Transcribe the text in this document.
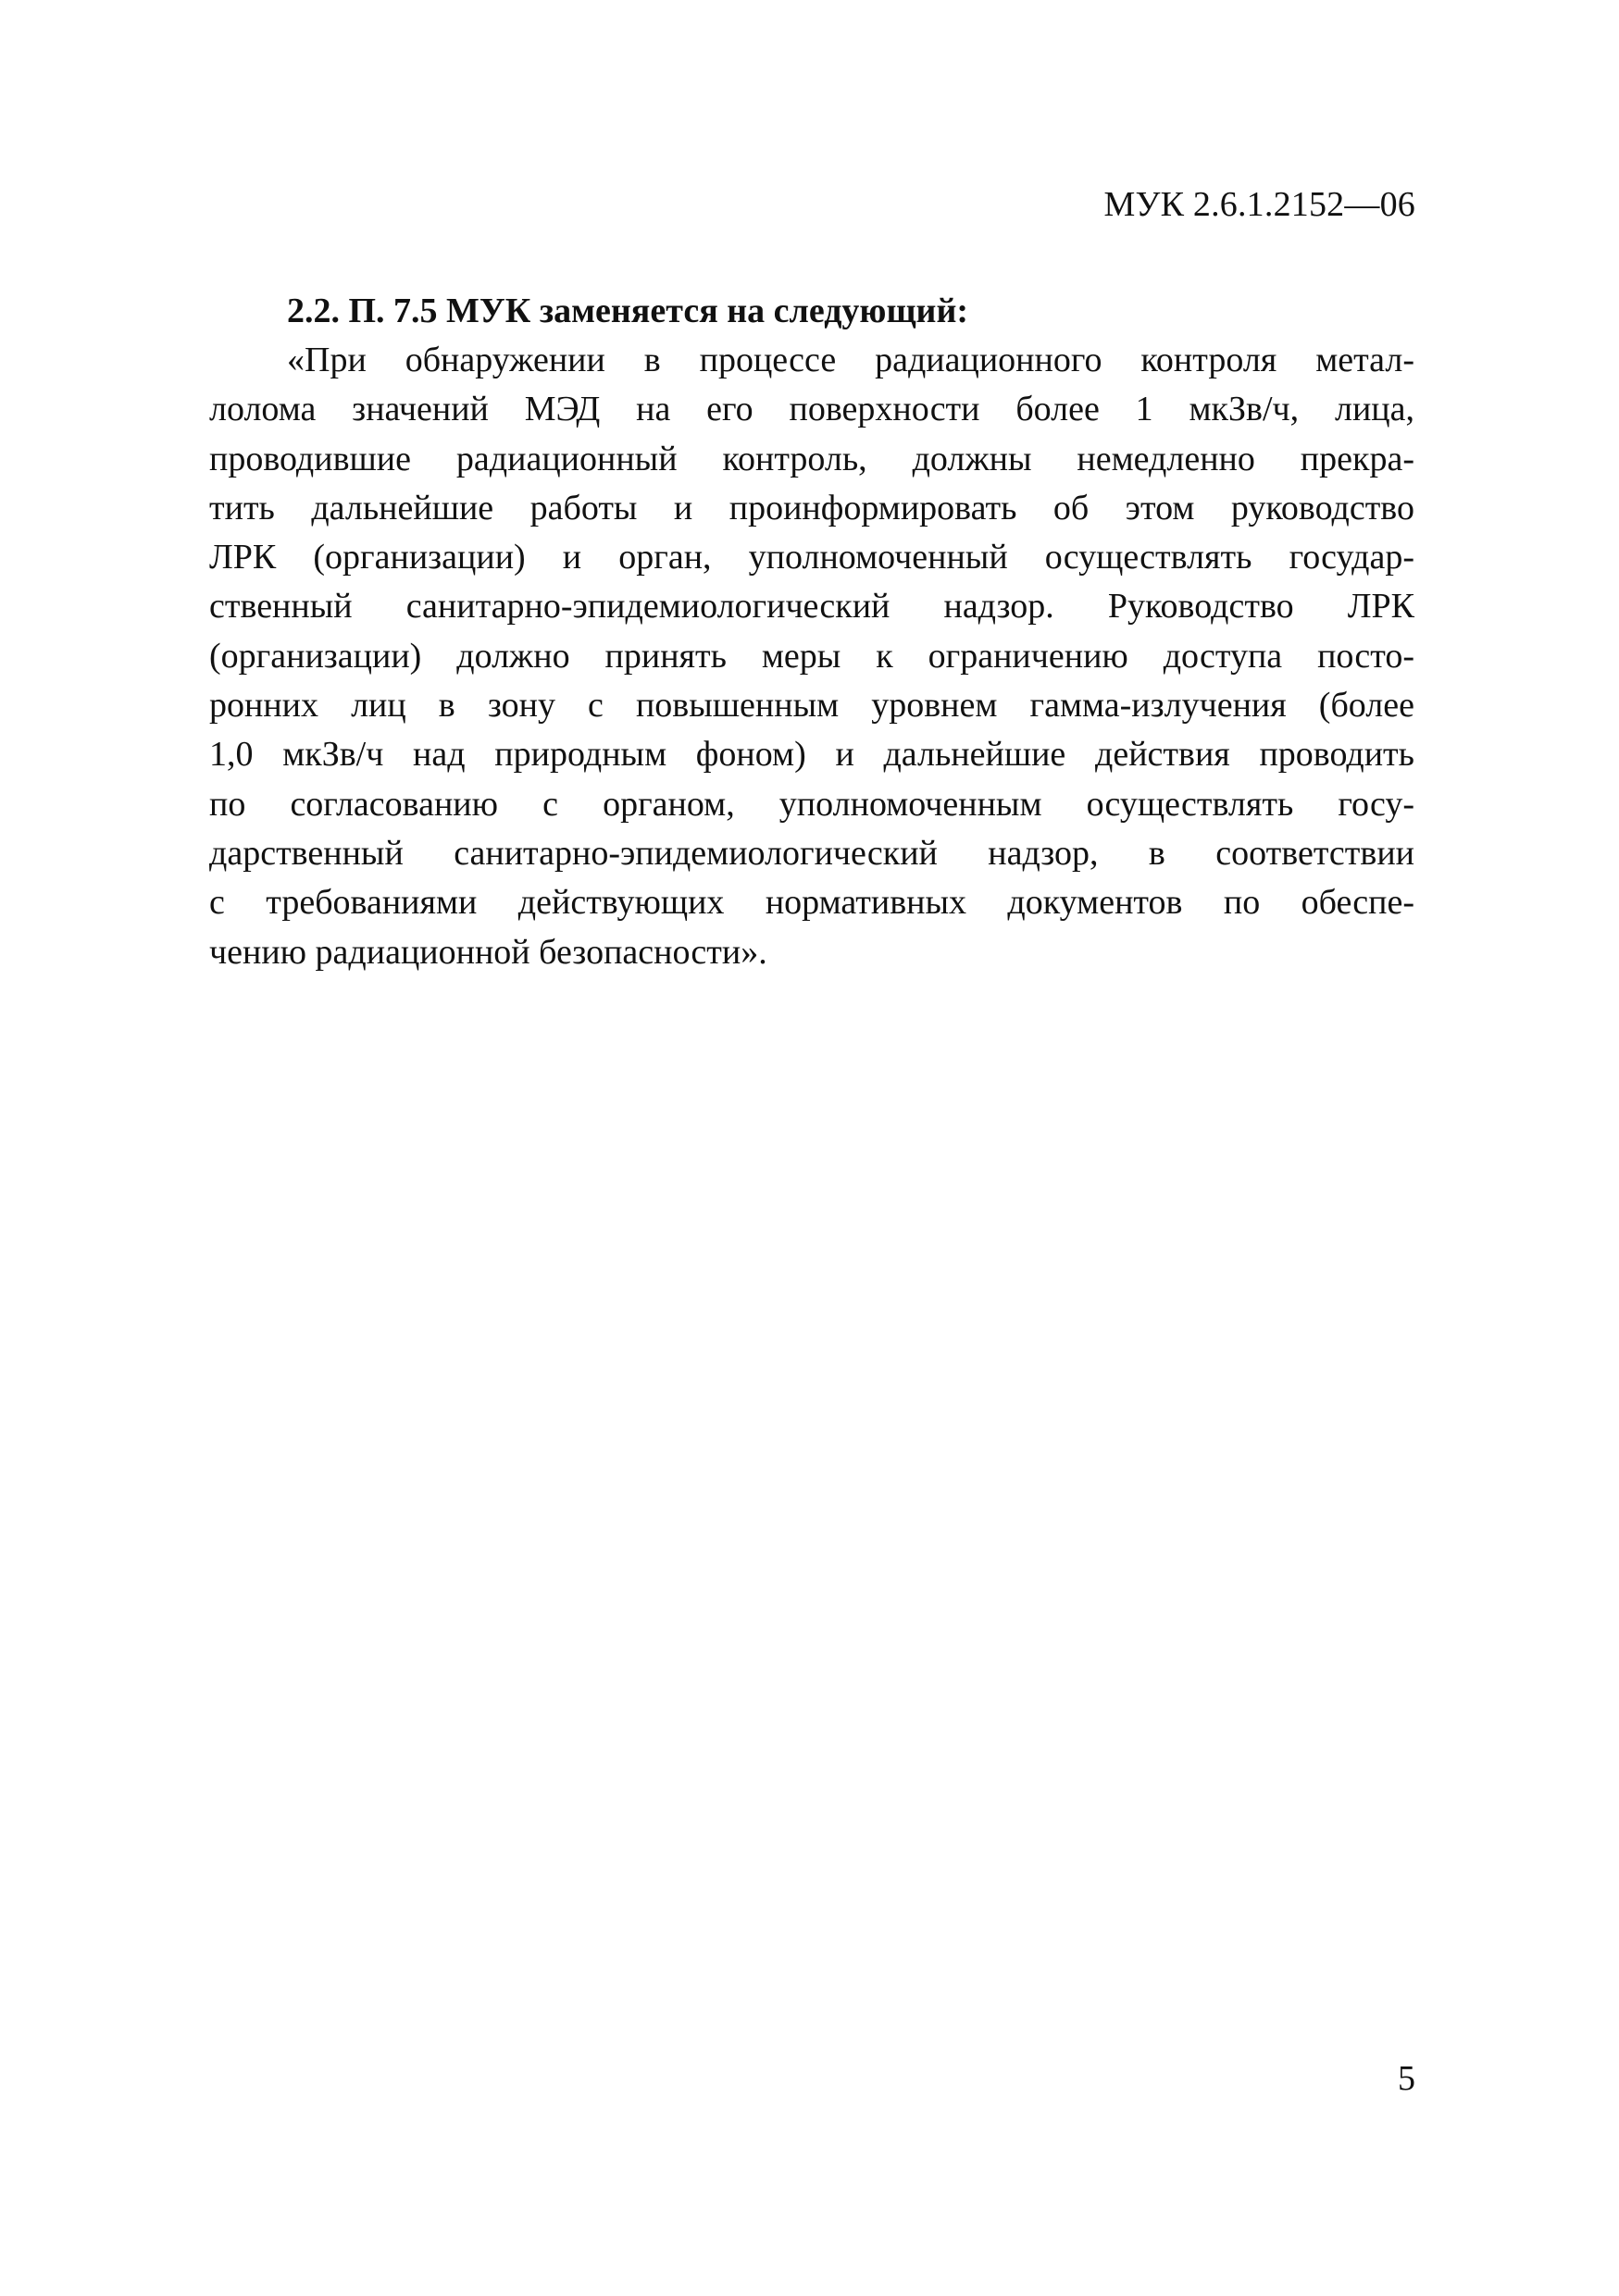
МУК 2.6.1.2152—06

2.2. П. 7.5 МУК заменяется на следующий:

«При обнаружении в процессе радиационного контроля метал-
лолома значений МЭД на его поверхности более 1 мкЗв/ч, лица,
проводившие радиационный контроль, должны немедленно прекра-
тить дальнейшие работы и проинформировать об этом руководство
ЛРК (организации) и орган, уполномоченный осуществлять государ-
ственный санитарно-эпидемиологический надзор. Руководство ЛРК
(организации) должно принять меры к ограничению доступа посто-
ронних лиц в зону с повышенным уровнем гамма-излучения (более
1,0 мкЗв/ч над природным фоном) и дальнейшие действия проводить
по согласованию с органом, уполномоченным осуществлять госу-
дарственный санитарно-эпидемиологический надзор, в соответствии
с требованиями действующих нормативных документов по обеспе-
чению радиационной безопасности».
5
